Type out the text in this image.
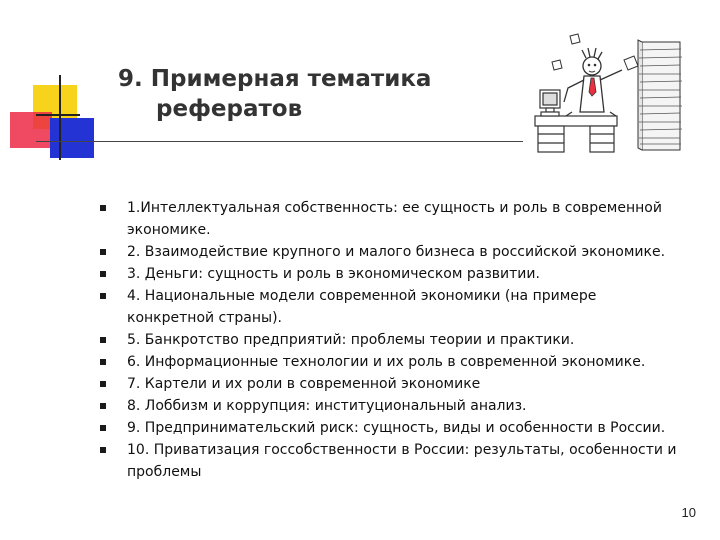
9. Примерная тематика
рефератов
1.Интеллектуальная собственность: ее сущность и роль в современной экономике.
2. Взаимодействие крупного и малого бизнеса в российской экономике.
3. Деньги: сущность и роль в экономическом развитии.
4. Национальные модели современной экономики (на примере конкретной страны).
5. Банкротство предприятий: проблемы теории и практики.
6. Информационные технологии и их роль в современной экономике.
7. Картели и их роли в современной экономике
8. Лоббизм и коррупция: институциональный анализ.
9. Предпринимательский риск: сущность, виды и особенности в России.
10. Приватизация госсобственности в России: результаты, особенности и проблемы
10
